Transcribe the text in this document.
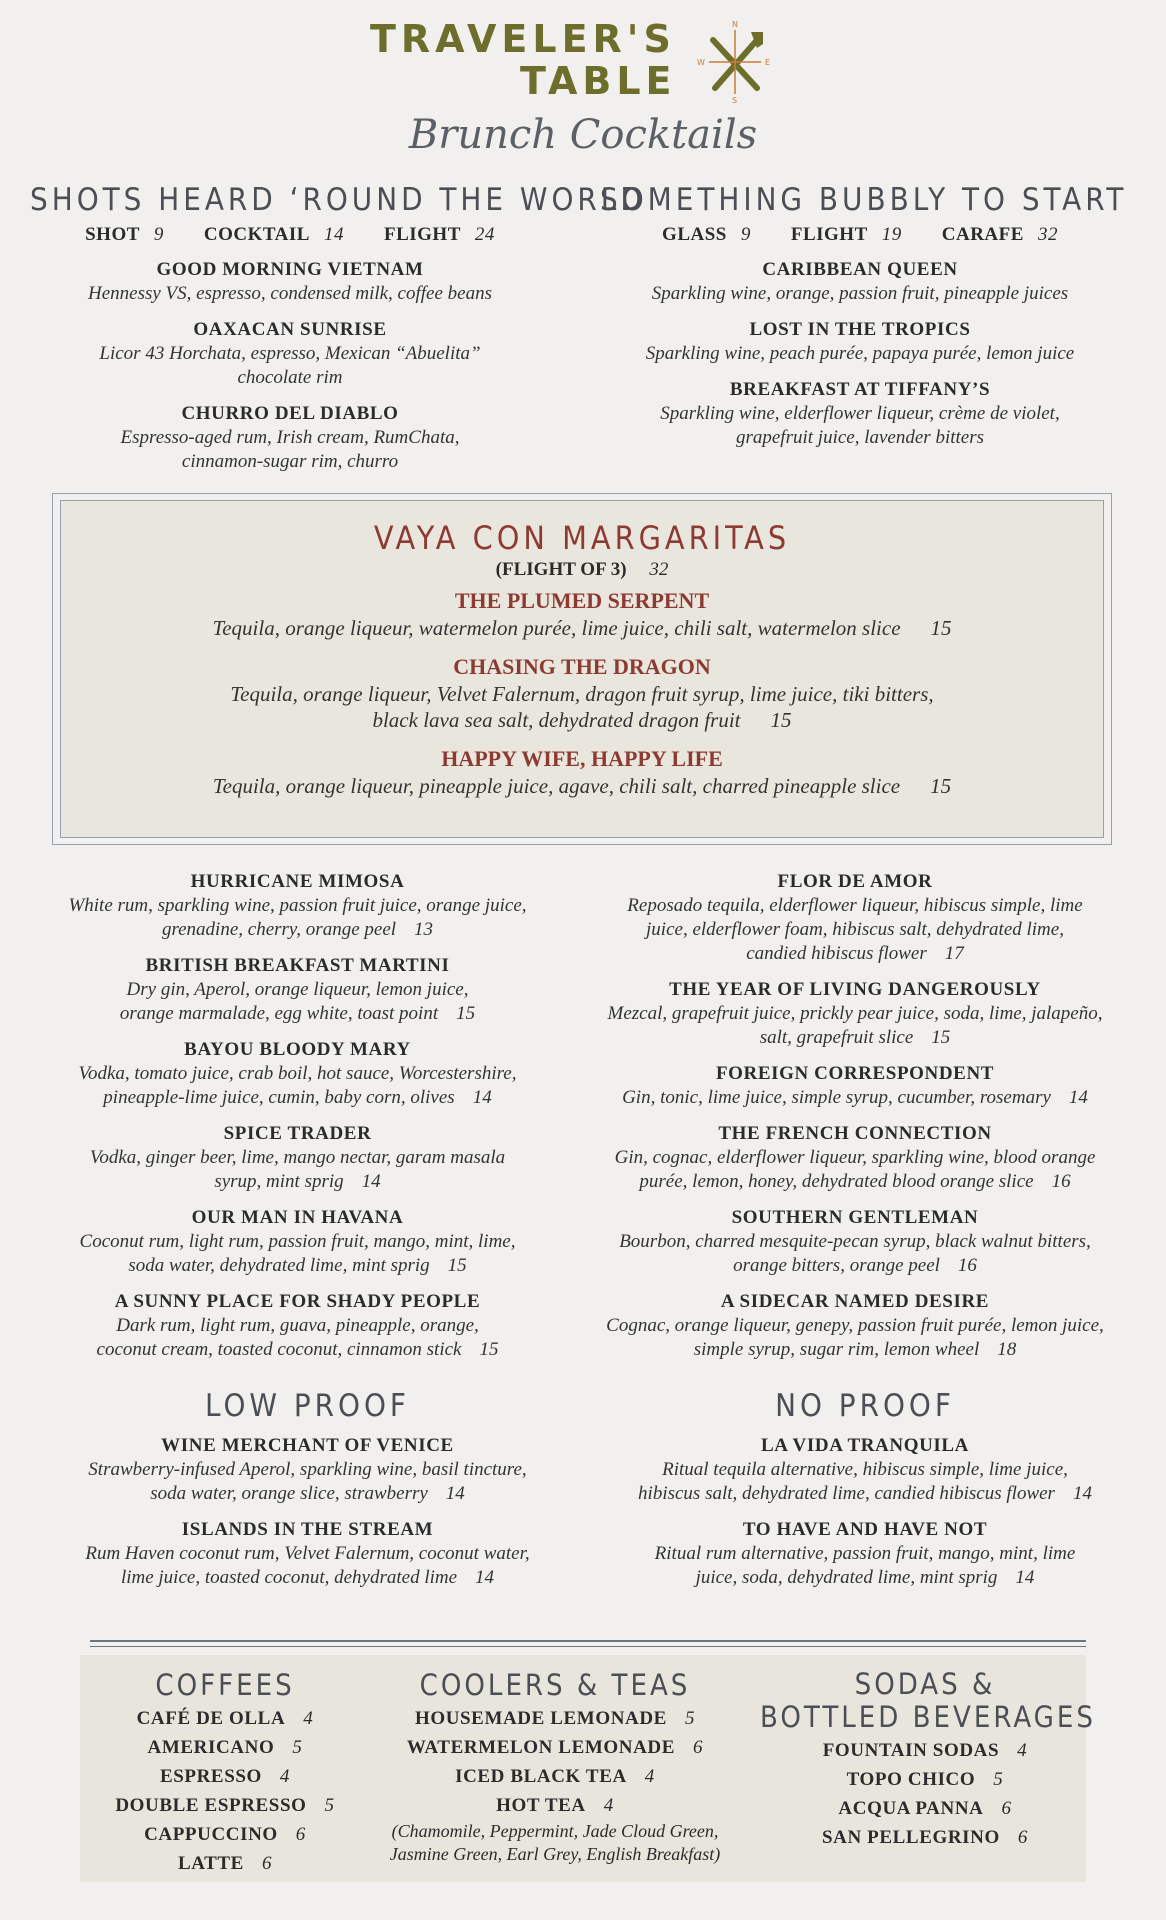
TRAVELER'S
TABLE
N
S
W	E
Brunch Cocktails
SHOTS HEARD ‘ROUND THE WORLD
SHOT 9 COCKTAIL 14 FLIGHT 24
GOOD MORNING VIETNAM
Hennessy VS, espresso, condensed milk, coffee beans
OAXACAN SUNRISE
Licor 43 Horchata, espresso, Mexican “Abuelita”
chocolate rim
CHURRO DEL DIABLO
Espresso-aged rum, Irish cream, RumChata,
cinnamon-sugar rim, churro
SOMETHING BUBBLY TO START
GLASS 9 FLIGHT 19 CARAFE 32
CARIBBEAN QUEEN
Sparkling wine, orange, passion fruit, pineapple juices
LOST IN THE TROPICS
Sparkling wine, peach purée, papaya purée, lemon juice
BREAKFAST AT TIFFANY’S
Sparkling wine, elderflower liqueur, crème de violet,
grapefruit juice, lavender bitters
VAYA CON MARGARITAS
(FLIGHT OF 3) 32
THE PLUMED SERPENT
Tequila, orange liqueur, watermelon purée, lime juice, chili salt, watermelon slice 15
CHASING THE DRAGON
Tequila, orange liqueur, Velvet Falernum, dragon fruit syrup, lime juice, tiki bitters,
black lava sea salt, dehydrated dragon fruit 15
HAPPY WIFE, HAPPY LIFE
Tequila, orange liqueur, pineapple juice, agave, chili salt, charred pineapple slice 15
HURRICANE MIMOSA
White rum, sparkling wine, passion fruit juice, orange juice,
grenadine, cherry, orange peel 13
BRITISH BREAKFAST MARTINI
Dry gin, Aperol, orange liqueur, lemon juice,
orange marmalade, egg white, toast point 15
BAYOU BLOODY MARY
Vodka, tomato juice, crab boil, hot sauce, Worcestershire,
pineapple-lime juice, cumin, baby corn, olives 14
SPICE TRADER
Vodka, ginger beer, lime, mango nectar, garam masala
syrup, mint sprig 14
OUR MAN IN HAVANA
Coconut rum, light rum, passion fruit, mango, mint, lime,
soda water, dehydrated lime, mint sprig 15
A SUNNY PLACE FOR SHADY PEOPLE
Dark rum, light rum, guava, pineapple, orange,
coconut cream, toasted coconut, cinnamon stick 15
FLOR DE AMOR
Reposado tequila, elderflower liqueur, hibiscus simple, lime
juice, elderflower foam, hibiscus salt, dehydrated lime,
candied hibiscus flower 17
THE YEAR OF LIVING DANGEROUSLY
Mezcal, grapefruit juice, prickly pear juice, soda, lime, jalapeño,
salt, grapefruit slice 15
FOREIGN CORRESPONDENT
Gin, tonic, lime juice, simple syrup, cucumber, rosemary 14
THE FRENCH CONNECTION
Gin, cognac, elderflower liqueur, sparkling wine, blood orange
purée, lemon, honey, dehydrated blood orange slice 16
SOUTHERN GENTLEMAN
Bourbon, charred mesquite-pecan syrup, black walnut bitters,
orange bitters, orange peel 16
A SIDECAR NAMED DESIRE
Cognac, orange liqueur, genepy, passion fruit purée, lemon juice,
simple syrup, sugar rim, lemon wheel 18
LOW PROOF
WINE MERCHANT OF VENICE
Strawberry-infused Aperol, sparkling wine, basil tincture,
soda water, orange slice, strawberry 14
ISLANDS IN THE STREAM
Rum Haven coconut rum, Velvet Falernum, coconut water,
lime juice, toasted coconut, dehydrated lime 14
NO PROOF
LA VIDA TRANQUILA
Ritual tequila alternative, hibiscus simple, lime juice,
hibiscus salt, dehydrated lime, candied hibiscus flower 14
TO HAVE AND HAVE NOT
Ritual rum alternative, passion fruit, mango, mint, lime
juice, soda, dehydrated lime, mint sprig 14
COFFEES
CAFÉ DE OLLA 4
AMERICANO 5
ESPRESSO 4
DOUBLE ESPRESSO 5
CAPPUCCINO 6
LATTE 6
COOLERS & TEAS
HOUSEMADE LEMONADE 5
WATERMELON LEMONADE 6
ICED BLACK TEA 4
HOT TEA 4
(Chamomile, Peppermint, Jade Cloud Green,
Jasmine Green, Earl Grey, English Breakfast)
SODAS &
BOTTLED BEVERAGES
FOUNTAIN SODAS 4
TOPO CHICO 5
ACQUA PANNA 6
SAN PELLEGRINO 6
